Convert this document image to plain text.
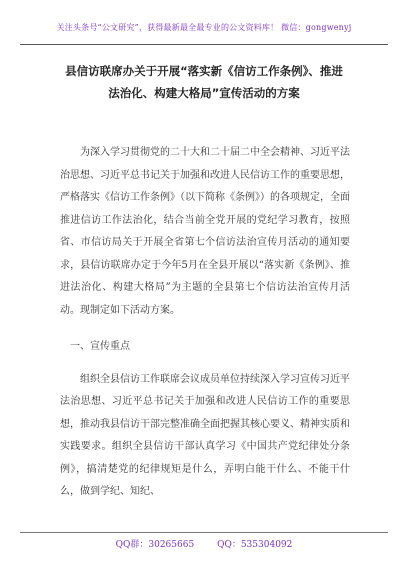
关注头条号“公文研究”，获得最新最全最专业的公文资料库！ 微信：gongwenyj
县信访联席办关于开展“落实新《信访工作条例》、推进
法治化、构建大格局”宣传活动的方案

为深入学习贯彻党的二十大和二十届二中全会精神、习近平法治思想、习近平总书记关于加强和改进人民信访工作的重要思想，严格落实《信访工作条例》（以下简称《条例》）的各项规定，全面推进信访工作法治化，结合当前全党开展的党纪学习教育，按照省、市信访局关于开展全省第七个信访法治宣传月活动的通知要求，县信访联席办定于今年5月在全县开展以“落实新《条例》、推进法治化、构建大格局”为主题的全县第七个信访法治宣传月活动。现制定如下活动方案。

一、宣传重点

组织全县信访工作联席会议成员单位持续深入学习宣传习近平法治思想、习近平总书记关于加强和改进人民信访工作的重要思想，推动我县信访干部完整准确全面把握其核心要义、精神实质和实践要求。组织全县信访干部认真学习《中国共产党纪律处分条例》，搞清楚党的纪律规矩是什么，弄明白能干什么、不能干什么，做到学纪、知纪、

QQ群：30265665	QQ：535304092
